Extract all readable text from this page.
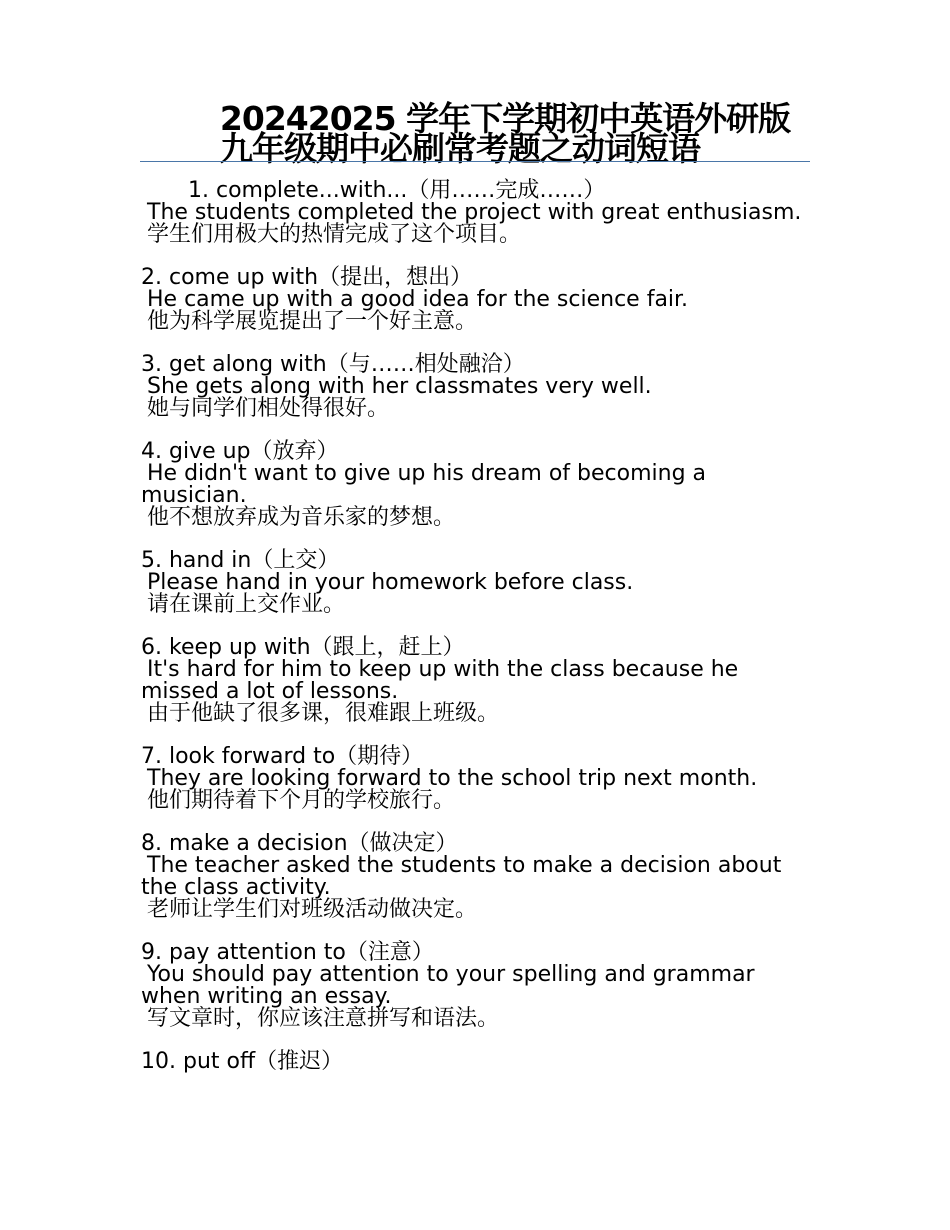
20242025 学年下学期初中英语外研版
九年级期中必刷常考题之动词短语
1. complete...with...（用……完成……）
The students completed the project with great enthusiasm.
学生们用极大的热情完成了这个项目。
2. come up with（提出，想出）
He came up with a good idea for the science fair.
他为科学展览提出了一个好主意。
3. get along with（与……相处融洽）
She gets along with her classmates very well.
她与同学们相处得很好。
4. give up（放弃）
He didn't want to give up his dream of becoming a musician.
他不想放弃成为音乐家的梦想。
5. hand in（上交）
Please hand in your homework before class.
请在课前上交作业。
6. keep up with（跟上，赶上）
It's hard for him to keep up with the class because he missed a lot of lessons.
由于他缺了很多课，很难跟上班级。
7. look forward to（期待）
They are looking forward to the school trip next month.
他们期待着下个月的学校旅行。
8. make a decision（做决定）
The teacher asked the students to make a decision about the class activity.
老师让学生们对班级活动做决定。
9. pay attention to（注意）
You should pay attention to your spelling and grammar when writing an essay.
写文章时，你应该注意拼写和语法。
10. put off（推迟）
